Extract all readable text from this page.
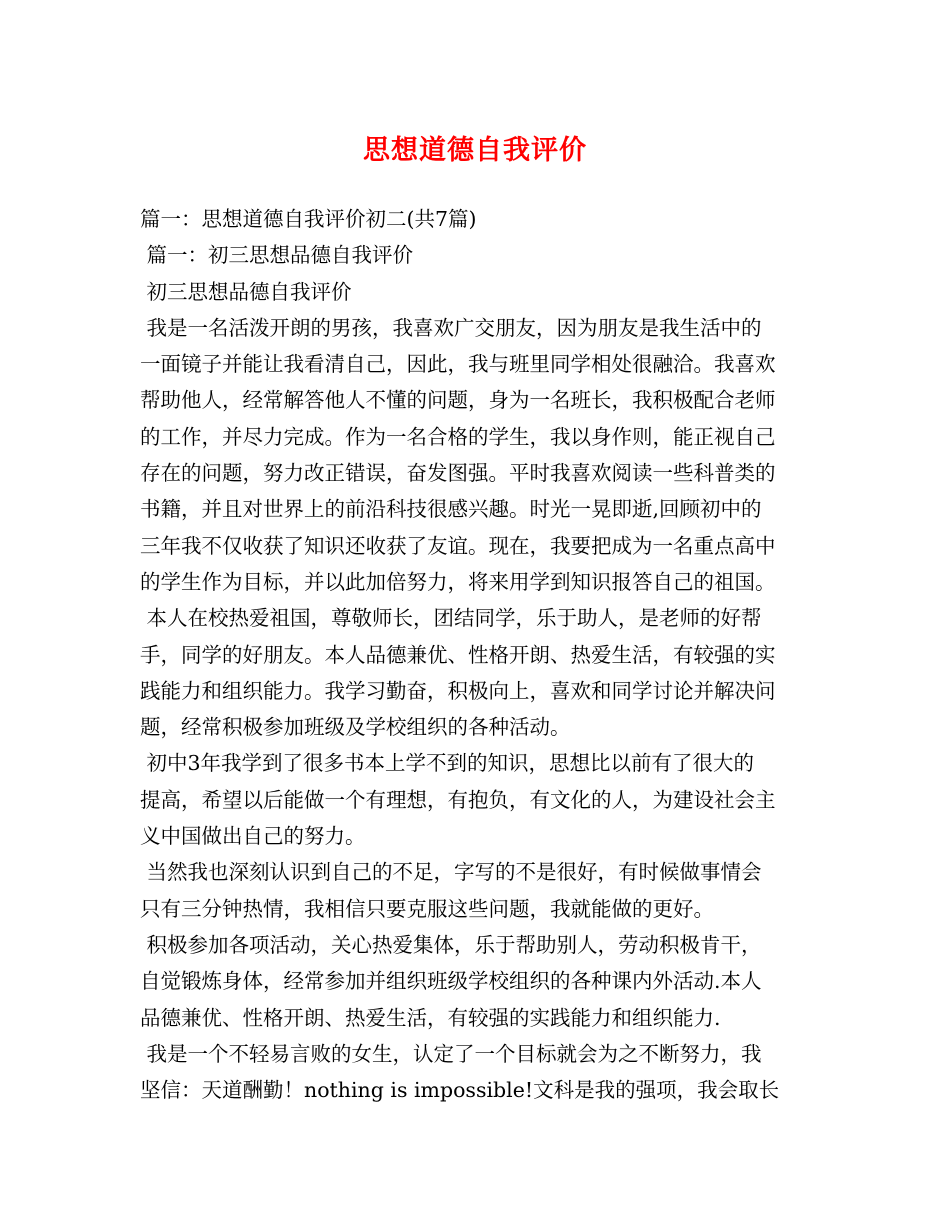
思想道德自我评价
篇一：思想道德自我评价初二(共7篇)
篇一：初三思想品德自我评价
初三思想品德自我评价
我是一名活泼开朗的男孩，我喜欢广交朋友，因为朋友是我生活中的
一面镜子并能让我看清自己，因此，我与班里同学相处很融洽。我喜欢
帮助他人，经常解答他人不懂的问题，身为一名班长，我积极配合老师
的工作，并尽力完成。作为一名合格的学生，我以身作则，能正视自己
存在的问题，努力改正错误，奋发图强。平时我喜欢阅读一些科普类的
书籍，并且对世界上的前沿科技很感兴趣。时光一晃即逝,回顾初中的
三年我不仅收获了知识还收获了友谊。现在，我要把成为一名重点高中
的学生作为目标，并以此加倍努力，将来用学到知识报答自己的祖国。
本人在校热爱祖国，尊敬师长，团结同学，乐于助人，是老师的好帮
手，同学的好朋友。本人品德兼优、性格开朗、热爱生活，有较强的实
践能力和组织能力。我学习勤奋，积极向上，喜欢和同学讨论并解决问
题，经常积极参加班级及学校组织的各种活动。
初中3年我学到了很多书本上学不到的知识，思想比以前有了很大的
提高，希望以后能做一个有理想，有抱负，有文化的人，为建设社会主
义中国做出自己的努力。
当然我也深刻认识到自己的不足，字写的不是很好，有时候做事情会
只有三分钟热情，我相信只要克服这些问题，我就能做的更好。
积极参加各项活动，关心热爱集体，乐于帮助别人，劳动积极肯干，
自觉锻炼身体，经常参加并组织班级学校组织的各种课内外活动.本人
品德兼优、性格开朗、热爱生活，有较强的实践能力和组织能力.
我是一个不轻易言败的女生，认定了一个目标就会为之不断努力，我
坚信：天道酬勤！nothing is impossible!文科是我的强项，我会取长
